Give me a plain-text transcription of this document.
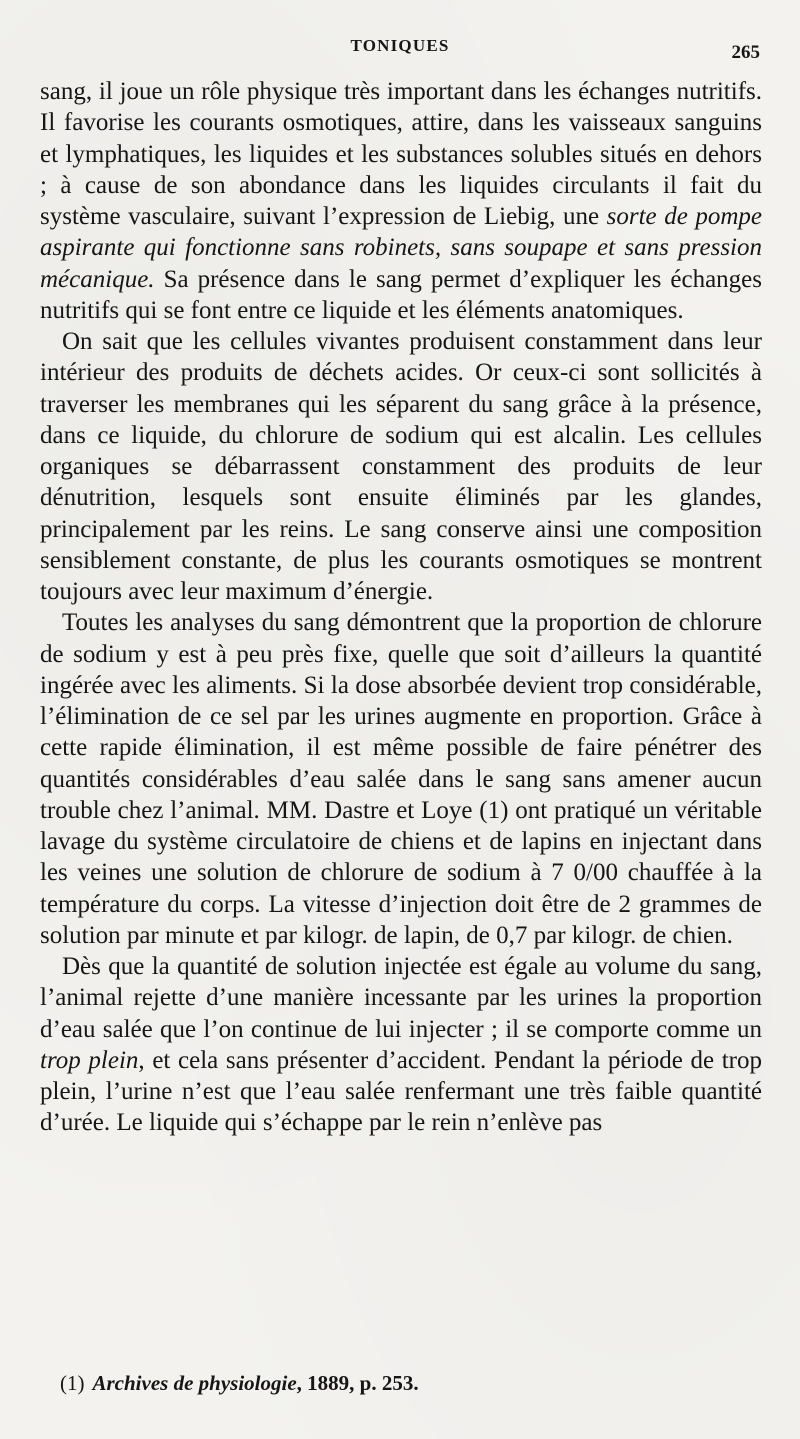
TONIQUES	265

sang, il joue un rôle physique très important dans les échanges nutritifs. Il favorise les courants osmotiques, attire, dans les vaisseaux sanguins et lymphatiques, les liquides et les substances solubles situés en dehors ; à cause de son abondance dans les liquides circulants il fait du système vasculaire, suivant l’expression de Liebig, une sorte de pompe aspirante qui fonctionne sans robinets, sans soupape et sans pression mécanique. Sa présence dans le sang permet d’expliquer les échanges nutritifs qui se font entre ce liquide et les éléments anatomiques.

On sait que les cellules vivantes produisent constamment dans leur intérieur des produits de déchets acides. Or ceux-ci sont sollicités à traverser les membranes qui les séparent du sang grâce à la présence, dans ce liquide, du chlorure de sodium qui est alcalin. Les cellules organiques se débarrassent constamment des produits de leur dénutrition, lesquels sont ensuite éliminés par les glandes, principalement par les reins. Le sang conserve ainsi une composition sensiblement constante, de plus les courants osmotiques se montrent toujours avec leur maximum d’énergie.

Toutes les analyses du sang démontrent que la proportion de chlorure de sodium y est à peu près fixe, quelle que soit d’ailleurs la quantité ingérée avec les aliments. Si la dose absorbée devient trop considérable, l’élimination de ce sel par les urines augmente en proportion. Grâce à cette rapide élimination, il est même possible de faire pénétrer des quantités considérables d’eau salée dans le sang sans amener aucun trouble chez l’animal. MM. Dastre et Loye (1) ont pratiqué un véritable lavage du système circulatoire de chiens et de lapins en injectant dans les veines une solution de chlorure de sodium à 7 0/00 chauffée à la température du corps. La vitesse d’injection doit être de 2 grammes de solution par minute et par kilogr. de lapin, de 0,7 par kilogr. de chien.

Dès que la quantité de solution injectée est égale au volume du sang, l’animal rejette d’une manière incessante par les urines la proportion d’eau salée que l’on continue de lui injecter ; il se comporte comme un trop plein, et cela sans présenter d’accident. Pendant la période de trop plein, l’urine n’est que l’eau salée renfermant une très faible quantité d’urée. Le liquide qui s’échappe par le rein n’enlève pas

(1) Archives de physiologie, 1889, p. 253.
